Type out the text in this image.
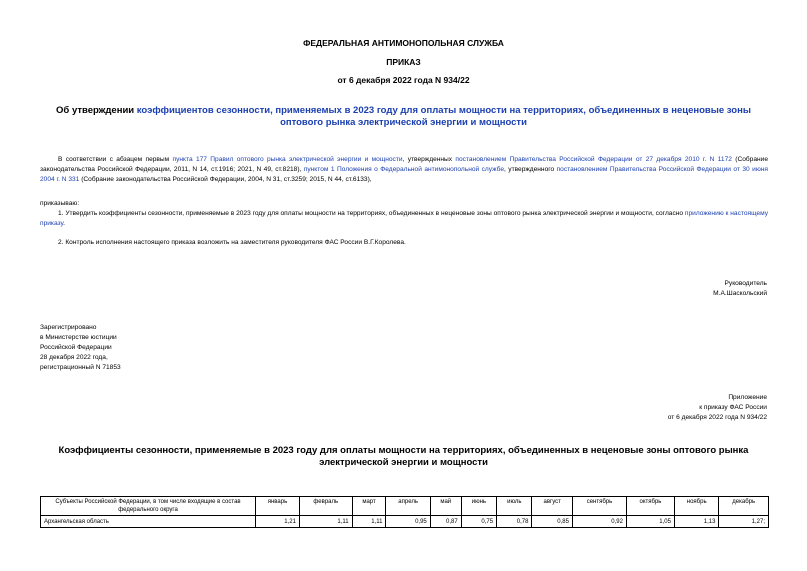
ФЕДЕРАЛЬНАЯ АНТИМОНОПОЛЬНАЯ СЛУЖБА
ПРИКАЗ
от 6 декабря 2022 года N 934/22
Об утверждении коэффициентов сезонности, применяемых в 2023 году для оплаты мощности на территориях, объединенных в неценовые зоны оптового рынка электрической энергии и мощности
В соответствии с абзацем первым пункта 177 Правил оптового рынка электрической энергии и мощности, утвержденных постановлением Правительства Российской Федерации от 27 декабря 2010 г. N 1172 (Собрание законодательства Российской Федерации, 2011, N 14, ст.1916; 2021, N 49, ст.8218), пунктом 1 Положения о Федеральной антимонопольной службе, утвержденного постановлением Правительства Российской Федерации от 30 июня 2004 г. N 331 (Собрание законодательства Российской Федерации, 2004, N 31, ст.3259; 2015, N 44, ст.6133),
приказываю:
1. Утвердить коэффициенты сезонности, применяемые в 2023 году для оплаты мощности на территориях, объединенных в неценовые зоны оптового рынка электрической энергии и мощности, согласно приложению к настоящему приказу.
2. Контроль исполнения настоящего приказа возложить на заместителя руководителя ФАС России В.Г.Королева.
Руководитель
М.А.Шаскольский
Зарегистрировано
в Министерстве юстиции
Российской Федерации
28 декабря 2022 года,
регистрационный N 71853
Приложение
к приказу ФАС России
от 6 декабря 2022 года N 934/22
Коэффициенты сезонности, применяемые в 2023 году для оплаты мощности на территориях, объединенных в неценовые зоны оптового рынка электрической энергии и мощности
Субъекты Российской Федерации, в том числе входящие в состав федерального округа	январь	февраль	март	апрель	май	июнь	июль	август	сентябрь	октябрь	ноябрь	декабрь
Архангельская область	1,21	1,11	1,11	0,95	0,87	0,75	0,78	0,85	0,92	1,05	1,13	1,27;
